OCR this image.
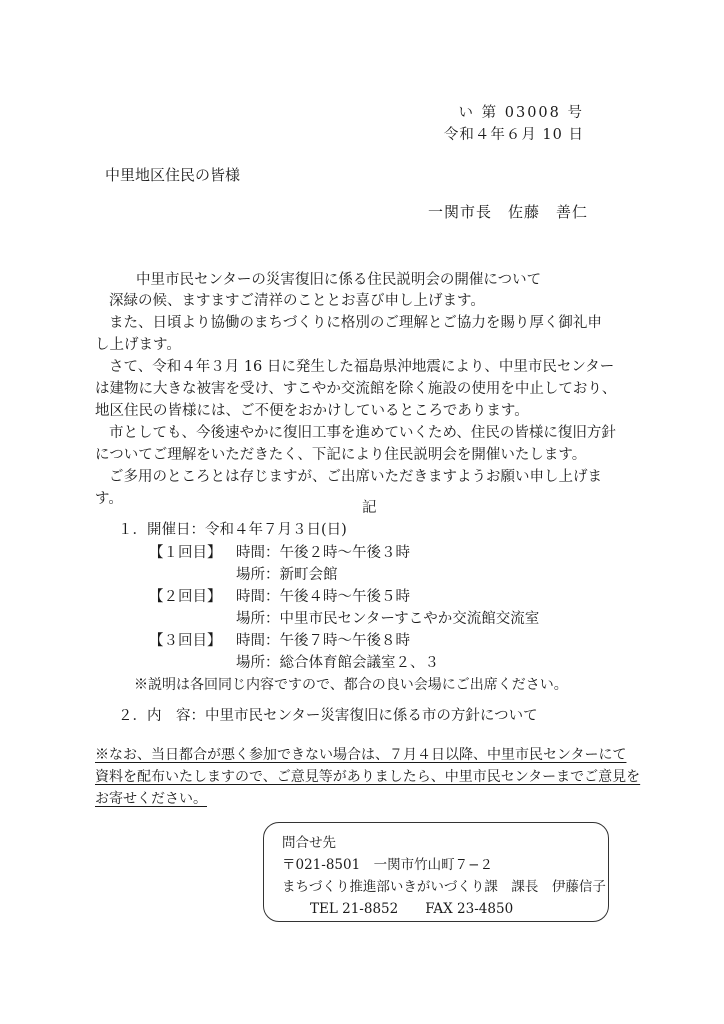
い 第 03008 号
令和４年６月 10 日
中里地区住民の皆様
一関市長　佐藤　善仁
中里市民センターの災害復旧に係る住民説明会の開催について
深緑の候、ますますご清祥のこととお喜び申し上げます。
また、日頃より協働のまちづくりに格別のご理解とご協力を賜り厚く御礼申
し上げます。
さて、令和４年３月 16 日に発生した福島県沖地震により、中里市民センター
は建物に大きな被害を受け、すこやか交流館を除く施設の使用を中止しており、
地区住民の皆様には、ご不便をおかけしているところであります。
市としても、今後速やかに復旧工事を進めていくため、住民の皆様に復旧方針
についてご理解をいただきたく、下記により住民説明会を開催いたします。
ご多用のところとは存じますが、ご出席いただきますようお願い申し上げま
す。
記
１．開催日：令和４年７月３日(日)
【１回目】 時間：午後２時～午後３時
場所：新町会館
【２回目】 時間：午後４時～午後５時
場所：中里市民センターすこやか交流館交流室
【３回目】 時間：午後７時～午後８時
場所：総合体育館会議室２、３
※説明は各回同じ内容ですので、都合の良い会場にご出席ください。
２．内　容：中里市民センター災害復旧に係る市の方針について
※なお、当日都合が悪く参加できない場合は、７月４日以降、中里市民センターにて
資料を配布いたしますので、ご意見等がありましたら、中里市民センターまでご意見を
お寄せください。
問合せ先
〒021-8501　一関市竹山町７−２
まちづくり推進部いきがいづくり課　課長　伊藤信子
TEL 21-8852　　FAX 23-4850
